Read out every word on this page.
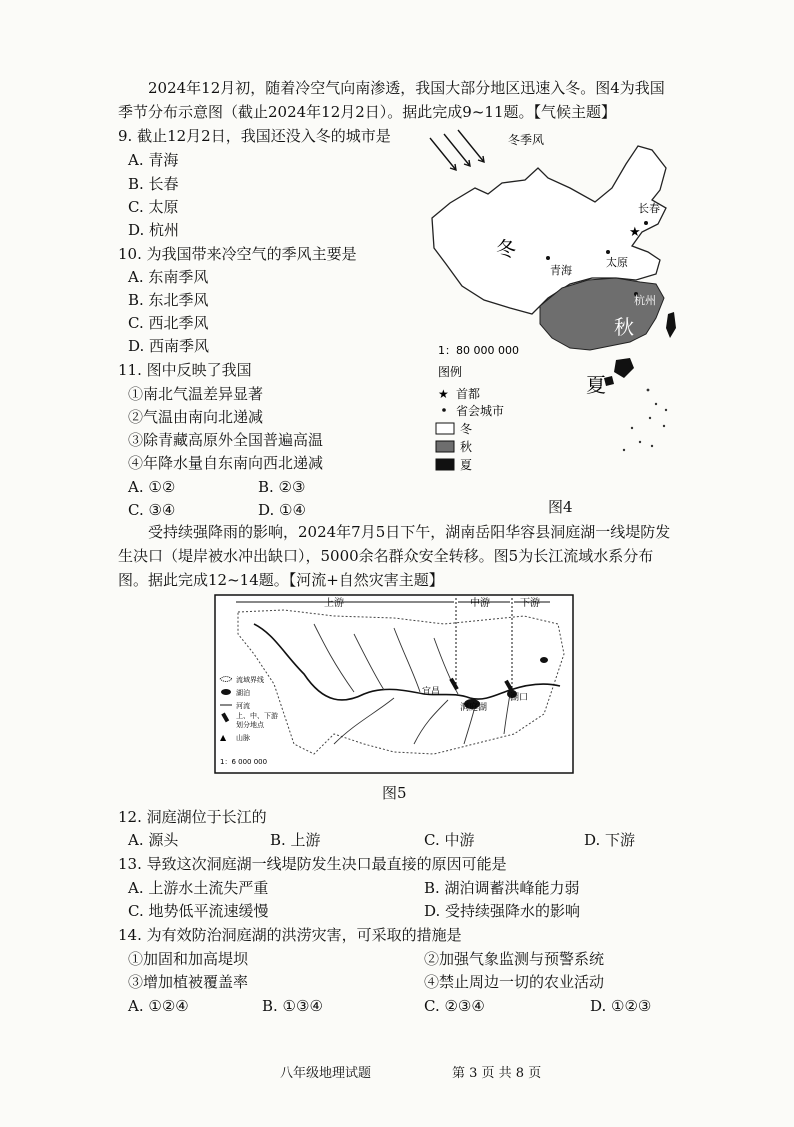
2024年12月初，随着冷空气向南渗透，我国大部分地区迅速入冬。图4为我国季节分布示意图（截止2024年12月2日）。据此完成9~11题。【气候主题】
9. 截止12月2日，我国还没入冬的城市是
A. 青海
B. 长春
C. 太原
D. 杭州
10. 为我国带来冷空气的季风主要是
A. 东南季风
B. 东北季风
C. 西北季风
D. 西南季风
11. 图中反映了我国
①南北气温差异显著
②气温由南向北递减
③除青藏高原外全国普遍高温
④年降水量自东南向西北递减
A. ①②	B. ②③
C. ③④	D. ①④
冬季风
★
长春
太原
青海
杭州
冬
秋
夏
1：80 000 000
图例
★ 首都
省会城市
冬
秋
夏
图4
受持续强降雨的影响，2024年7月5日下午，湖南岳阳华容县洞庭湖一线堤防发生决口（堤岸被水冲出缺口），5000余名群众安全转移。图5为长江流域水系分布图。据此完成12~14题。【河流+自然灾害主题】
上游	中游	下游
宜昌
洞庭湖
湖口
流域界线
湖泊
河流
上、中、下游
划分地点
▲ 山脉
1：6 000 000
图5
12. 洞庭湖位于长江的
A. 源头	B. 上游	C. 中游	D. 下游
13. 导致这次洞庭湖一线堤防发生决口最直接的原因可能是
A. 上游水土流失严重	B. 湖泊调蓄洪峰能力弱
C. 地势低平流速缓慢	D. 受持续强降水的影响
14. 为有效防治洞庭湖的洪涝灾害，可采取的措施是
①加固和加高堤坝	②加强气象监测与预警系统
③增加植被覆盖率	④禁止周边一切的农业活动
A. ①②④	B. ①③④	C. ②③④	D. ①②③
八年级地理试题	第 3 页 共 8 页
